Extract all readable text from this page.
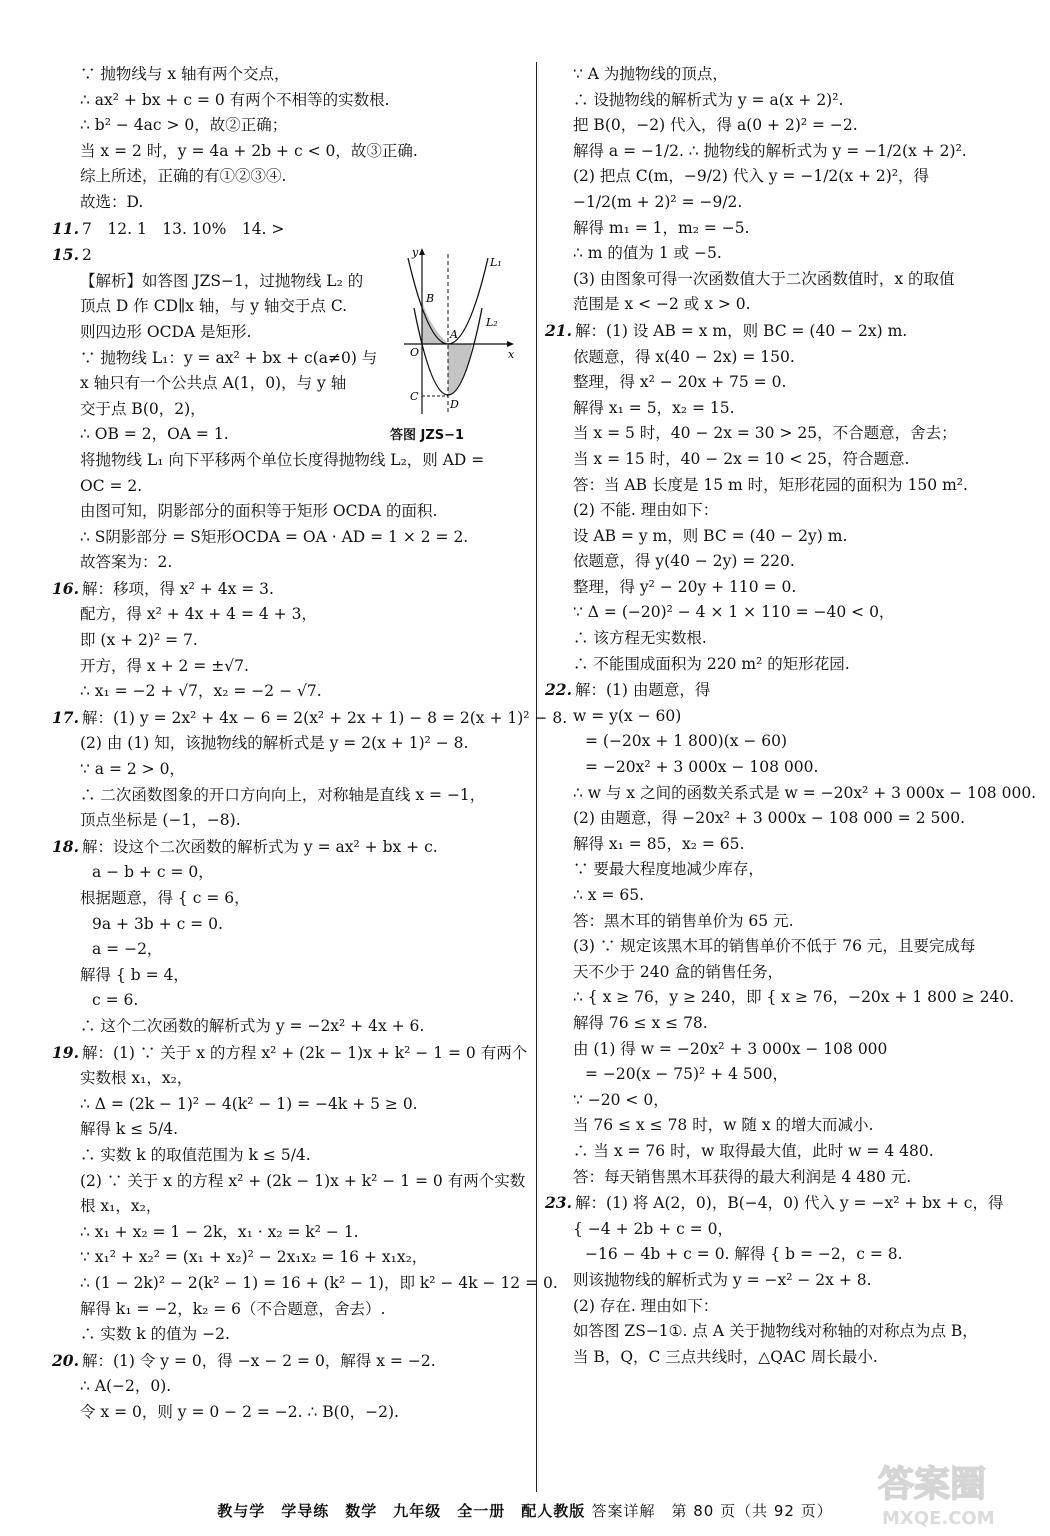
∵ 抛物线与 x 轴有两个交点，
∴ ax² + bx + c = 0 有两个不相等的实数根.
∴ b² − 4ac > 0，故②正确；
当 x = 2 时，y = 4a + 2b + c < 0，故③正确.
综上所述，正确的有①②③④.
故选：D.
11. 7　12. 1　13. 10%　14. >
15. 2
【解析】如答图 JZS−1，过抛物线 L₂ 的
顶点 D 作 CD∥x 轴，与 y 轴交于点 C.
则四边形 OCDA 是矩形.
∵ 抛物线 L₁：y = ax² + bx + c(a≠0) 与
x 轴只有一个公共点 A(1，0)，与 y 轴
交于点 B(0，2)，
∴ OB = 2，OA = 1.
将抛物线 L₁ 向下平移两个单位长度得抛物线 L₂，则 AD =
OC = 2.
由图可知，阴影部分的面积等于矩形 OCDA 的面积.
∴ S阴影部分 = S矩形OCDA = OA · AD = 1 × 2 = 2.
故答案为：2.
16. 解：移项，得 x² + 4x = 3.
配方，得 x² + 4x + 4 = 4 + 3，
即 (x + 2)² = 7.
开方，得 x + 2 = ±√7.
∴ x₁ = −2 + √7，x₂ = −2 − √7.
17. 解：(1) y = 2x² + 4x − 6 = 2(x² + 2x + 1) − 8 = 2(x + 1)² − 8.
(2) 由 (1) 知，该抛物线的解析式是 y = 2(x + 1)² − 8.
∵ a = 2 > 0，
∴ 二次函数图象的开口方向向上，对称轴是直线 x = −1，
顶点坐标是 (−1，−8).
18. 解：设这个二次函数的解析式为 y = ax² + bx + c.
a − b + c = 0，
根据题意，得 { c = 6，
9a + 3b + c = 0.
a = −2，
解得 { b = 4，
c = 6.
∴ 这个二次函数的解析式为 y = −2x² + 4x + 6.
19. 解：(1) ∵ 关于 x 的方程 x² + (2k − 1)x + k² − 1 = 0 有两个
实数根 x₁，x₂，
∴ Δ = (2k − 1)² − 4(k² − 1) = −4k + 5 ≥ 0.
解得 k ≤ 5/4.
∴ 实数 k 的取值范围为 k ≤ 5/4.
(2) ∵ 关于 x 的方程 x² + (2k − 1)x + k² − 1 = 0 有两个实数
根 x₁，x₂，
∴ x₁ + x₂ = 1 − 2k，x₁ · x₂ = k² − 1.
∵ x₁² + x₂² = (x₁ + x₂)² − 2x₁x₂ = 16 + x₁x₂，
∴ (1 − 2k)² − 2(k² − 1) = 16 + (k² − 1)，即 k² − 4k − 12 = 0.
解得 k₁ = −2，k₂ = 6（不合题意，舍去）.
∴ 实数 k 的值为 −2.
20. 解：(1) 令 y = 0，得 −x − 2 = 0，解得 x = −2.
∴ A(−2，0).
令 x = 0，则 y = 0 − 2 = −2. ∴ B(0，−2).
∵ A 为抛物线的顶点，
∴ 设抛物线的解析式为 y = a(x + 2)².
把 B(0，−2) 代入，得 a(0 + 2)² = −2.
解得 a = −1/2. ∴ 抛物线的解析式为 y = −1/2(x + 2)².
(2) 把点 C(m，−9/2) 代入 y = −1/2(x + 2)²，得
−1/2(m + 2)² = −9/2.
解得 m₁ = 1，m₂ = −5.
∴ m 的值为 1 或 −5.
(3) 由图象可得一次函数值大于二次函数值时，x 的取值
范围是 x < −2 或 x > 0.
21. 解：(1) 设 AB = x m，则 BC = (40 − 2x) m.
依题意，得 x(40 − 2x) = 150.
整理，得 x² − 20x + 75 = 0.
解得 x₁ = 5，x₂ = 15.
当 x = 5 时，40 − 2x = 30 > 25，不合题意，舍去；
当 x = 15 时，40 − 2x = 10 < 25，符合题意.
答：当 AB 长度是 15 m 时，矩形花园的面积为 150 m².
(2) 不能. 理由如下：
设 AB = y m，则 BC = (40 − 2y) m.
依题意，得 y(40 − 2y) = 220.
整理，得 y² − 20y + 110 = 0.
∵ Δ = (−20)² − 4 × 1 × 110 = −40 < 0，
∴ 该方程无实数根.
∴ 不能围成面积为 220 m² 的矩形花园.
22. 解：(1) 由题意，得
w = y(x − 60)
= (−20x + 1 800)(x − 60)
= −20x² + 3 000x − 108 000.
∴ w 与 x 之间的函数关系式是 w = −20x² + 3 000x − 108 000.
(2) 由题意，得 −20x² + 3 000x − 108 000 = 2 500.
解得 x₁ = 85，x₂ = 65.
∵ 要最大程度地减少库存，
∴ x = 65.
答：黑木耳的销售单价为 65 元.
(3) ∵ 规定该黑木耳的销售单价不低于 76 元，且要完成每
天不少于 240 盒的销售任务，
∴ { x ≥ 76，y ≥ 240，即 { x ≥ 76，−20x + 1 800 ≥ 240.
解得 76 ≤ x ≤ 78.
由 (1) 得 w = −20x² + 3 000x − 108 000
= −20(x − 75)² + 4 500，
∵ −20 < 0，
当 76 ≤ x ≤ 78 时，w 随 x 的增大而减小.
∴ 当 x = 76 时，w 取得最大值，此时 w = 4 480.
答：每天销售黑木耳获得的最大利润是 4 480 元.
23. 解：(1) 将 A(2，0)，B(−4，0) 代入 y = −x² + bx + c，得
{ −4 + 2b + c = 0，
−16 − 4b + c = 0. 解得 { b = −2，c = 8.
则该抛物线的解析式为 y = −x² − 2x + 8.
(2) 存在. 理由如下：
如答图 ZS−1①. 点 A 关于抛物线对称轴的对称点为点 B，
当 B，Q，C 三点共线时，△QAC 周长最小.
y
x
L₁
L₂
B
A
O
C
D
答图 JZS−1
教与学　学导练　数学　九年级　全一册　配人教版 答案详解　第 80 页（共 92 页）
答案圈
MXQE.COM
